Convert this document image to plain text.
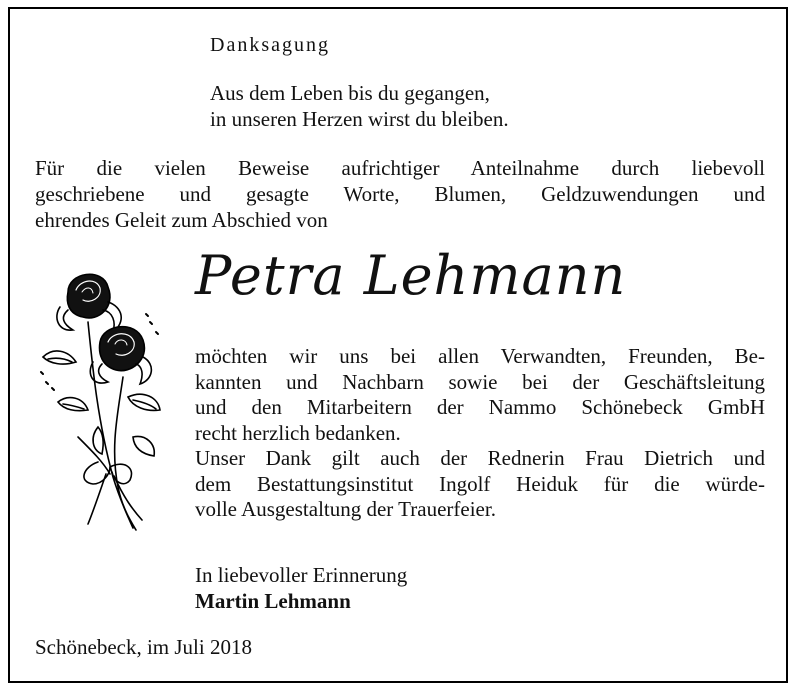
Danksagung

Aus dem Leben bis du gegangen,
in unseren Herzen wirst du bleiben.
Für die vielen Beweise aufrichtiger Anteilnahme durch liebevoll
geschriebene und gesagte Worte, Blumen, Geldzuwendungen und
ehrendes Geleit zum Abschied von
Petra Lehmann
möchten wir uns bei allen Verwandten, Freunden, Be-
kannten und Nachbarn sowie bei der Geschäftsleitung
und den Mitarbeitern der Nammo Schönebeck GmbH
recht herzlich bedanken.
Unser Dank gilt auch der Rednerin Frau Dietrich und
dem Bestattungsinstitut Ingolf Heiduk für die würde-
volle Ausgestaltung der Trauerfeier.

In liebevoller Erinnerung

Martin Lehmann

Schönebeck, im Juli 2018
